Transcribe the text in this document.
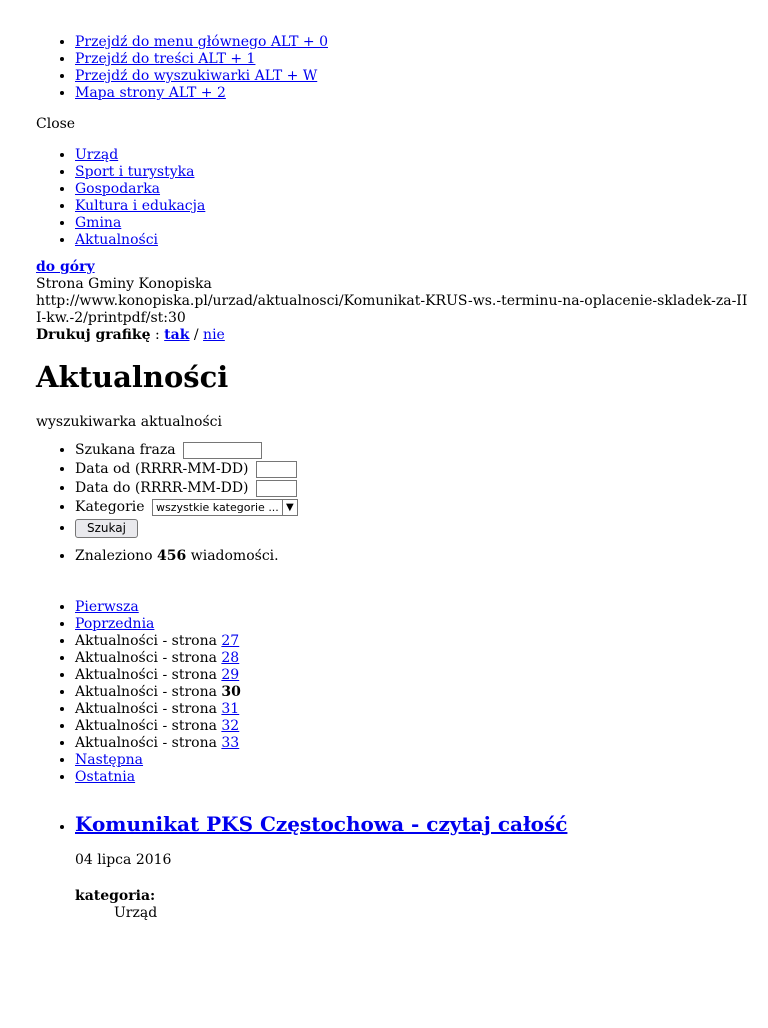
• Przejdź do menu głównego ALT + 0
• Przejdź do treści ALT + 1
• Przejdź do wyszukiwarki ALT + W
• Mapa strony ALT + 2
Close
• Urząd
• Sport i turystyka
• Gospodarka
• Kultura i edukacja
• Gmina
• Aktualności
do góry
Strona Gminy Konopiska
http://www.konopiska.pl/urzad/aktualnosci/Komunikat-KRUS-ws.-terminu-na-oplacenie-skladek-za-III-kw.-2/printpdf/st:30
Drukuj grafikę : tak / nie
Aktualności
wyszukiwarka aktualności
• Szukana fraza
• Data od (RRRR-MM-DD)
• Data do (RRRR-MM-DD)
• Kategorie wszystkie kategorie ... ▼
• Szukaj
• Znaleziono 456 wiadomości.
• Pierwsza
• Poprzednia
• Aktualności - strona 27
• Aktualności - strona 28
• Aktualności - strona 29
• Aktualności - strona 30
• Aktualności - strona 31
• Aktualności - strona 32
• Aktualności - strona 33
• Następna
• Ostatnia
• Komunikat PKS Częstochowa - czytaj całość
04 lipca 2016
kategoria:
Urząd
